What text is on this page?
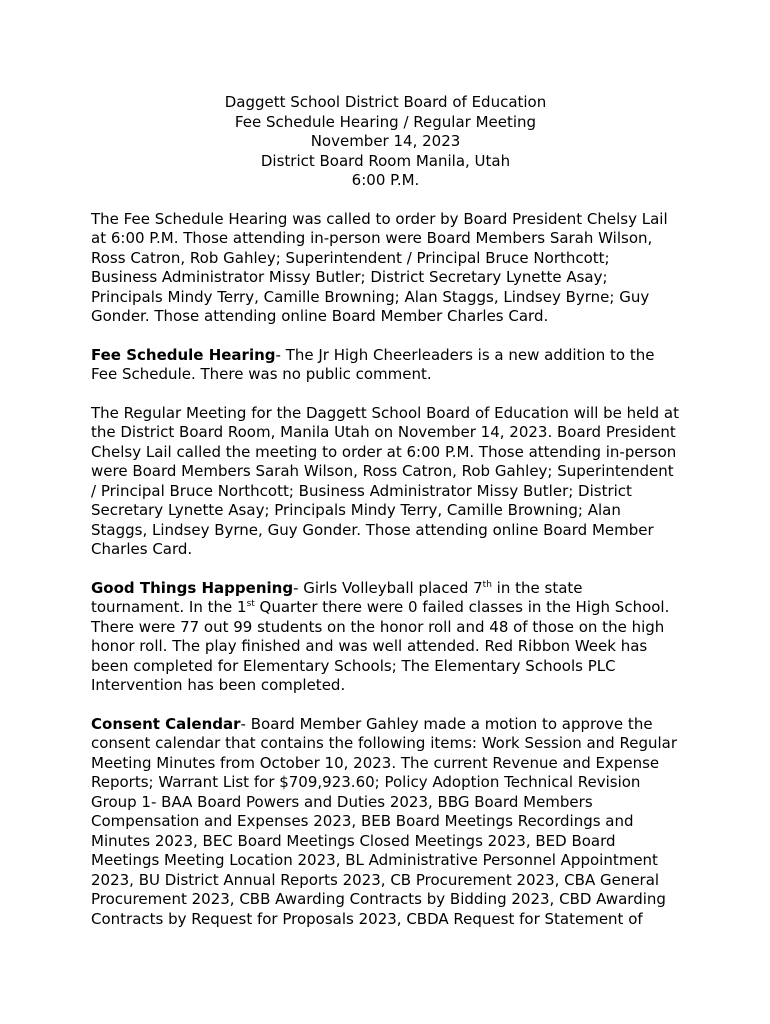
Daggett School District Board of Education
Fee Schedule Hearing / Regular Meeting
November 14, 2023
District Board Room Manila, Utah
6:00 P.M.

The Fee Schedule Hearing was called to order by Board President Chelsy Lail at 6:00 P.M. Those attending in-person were Board Members Sarah Wilson, Ross Catron, Rob Gahley; Superintendent / Principal Bruce Northcott; Business Administrator Missy Butler; District Secretary Lynette Asay; Principals Mindy Terry, Camille Browning; Alan Staggs, Lindsey Byrne; Guy Gonder. Those attending online Board Member Charles Card.

Fee Schedule Hearing- The Jr High Cheerleaders is a new addition to the Fee Schedule. There was no public comment.

The Regular Meeting for the Daggett School Board of Education will be held at the District Board Room, Manila Utah on November 14, 2023. Board President Chelsy Lail called the meeting to order at 6:00 P.M. Those attending in-person were Board Members Sarah Wilson, Ross Catron, Rob Gahley; Superintendent / Principal Bruce Northcott; Business Administrator Missy Butler; District Secretary Lynette Asay; Principals Mindy Terry, Camille Browning; Alan Staggs, Lindsey Byrne, Guy Gonder. Those attending online Board Member Charles Card.

Good Things Happening- Girls Volleyball placed 7th in the state tournament. In the 1st Quarter there were 0 failed classes in the High School. There were 77 out 99 students on the honor roll and 48 of those on the high honor roll. The play finished and was well attended. Red Ribbon Week has been completed for Elementary Schools; The Elementary Schools PLC Intervention has been completed.

Consent Calendar- Board Member Gahley made a motion to approve the consent calendar that contains the following items: Work Session and Regular Meeting Minutes from October 10, 2023. The current Revenue and Expense Reports; Warrant List for $709,923.60; Policy Adoption Technical Revision Group 1- BAA Board Powers and Duties 2023, BBG Board Members Compensation and Expenses 2023, BEB Board Meetings Recordings and Minutes 2023, BEC Board Meetings Closed Meetings 2023, BED Board Meetings Meeting Location 2023, BL Administrative Personnel Appointment 2023, BU District Annual Reports 2023, CB Procurement 2023, CBA General Procurement 2023, CBB Awarding Contracts by Bidding 2023, CBD Awarding Contracts by Request for Proposals 2023, CBDA Request for Statement of
